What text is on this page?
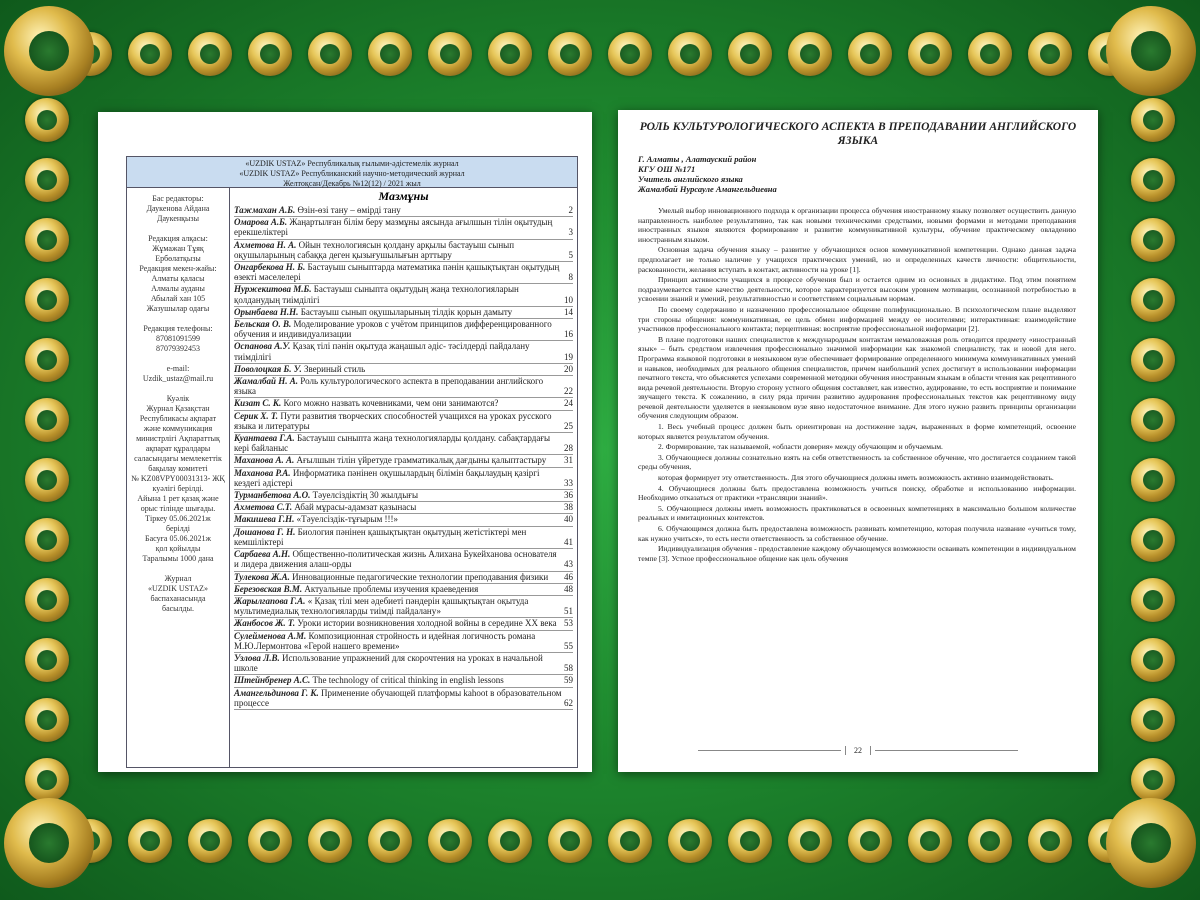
«UZDIK USTAZ» Республикалық ғылыми-әдістемелік журнал
«UZDIK USTAZ» Республиканский научно-методический журнал
Желтоқсан/Декабрь №12(12) / 2021 жыл
Бас редакторы:
Даукенова Айдана
Даукенқызы
Редакция алқасы:
Жұмажан Тұяқ
Ербөлатқызы
Редакция мекен-жайы:
Алматы қаласы
Алмалы ауданы
Абылай хан 105
Жазушылар одағы
Редакция телефоны:
87081091599
87079392453
e-mail:
Uzdik_ustaz@mail.ru
Куәлік
Журнал Қазақстан
Республикасы ақпарат
және коммуникация
министрлігі Ақпараттық
ақпарат құралдары
саласындағы мемлекеттік
бақылау комитеті
№ KZ08VPY00031313- ЖҚ
куәлігі берілді.
Айына 1 рет қазақ және
орыс тілінде шығады.
Тіркеу 05.06.2021ж
берілді
Басуға 05.06.2021ж
қол қойылды
Таралымы 1000 дана
Журнал
«UZDIK USTAZ»
баспаханасында
басылды.
Мазмұны
Тажмахан А.Б. Өзін-өзі тану – өмірді тану	2
Омарова А.Б. Жаңартылған білім беру мазмұны аясында ағылшын тілін оқытудың ерекшеліктері	3
Ахметова Н. А. Ойын технологиясын қолдану арқылы бастауыш сынып оқушыларының сабаққа деген қызығушылығын арттыру	5
Онгарбекова Н. Б. Бастауыш сыныптарда математика пәнін қашықтықтан оқытудың өзекті мәселелері	8
Нуржекитова М.Б. Бастауыш сыныпта оқытудың жаңа технологияларын қолданудың тиімділігі	10
Орынбаева Н.Н. Бастауыш сынып оқушыларының тілдік қорын дамыту	14
Бельская О. В. Моделирование уроков с учётом принципов дифференцированного обучения и индивидуализации	16
Оспанова А.У. Қазақ тілі пәнін оқытуда жаңашыл әдіс- тәсілдерді пайдалану тиімділігі	19
Поволоцкая Б. У. Звериный стиль	20
Жамалбай Н. А. Роль культурологического аспекта в преподавании английского языка	22
Кизат С. К. Кого можно назвать кочевниками, чем они занимаются?	24
Серик Х. Т. Пути развития творческих способностей учащихся на уроках русского языка и литературы	25
Куантаева Г.А. Бастауыш сыныпта жаңа технологияларды қолдану. сабақтардағы кері байланыс	28
Маханова А. А. Ағылшын тілін үйретуде грамматикалық дағдыны қалыптастыру	31
Маханова Р.А. Информатика пәнінен оқушылардың білімін бақылаудың қазіргі кездегі әдістері	33
Турманбетова А.О. Тәуелсіздіктің 30 жылдығы	36
Ахметова С.Т. Абай мұрасы-адамзат қазынасы	38
Макишева Г.Н. «Тәуелсіздік-тұғырым !!!»	40
Дошанова Г. Н. Биология пәнінен қашықтықтан оқытудың жетістіктері мен кемшіліктері	41
Сарбаева А.Н. Общественно-политическая жизнь Алихана Букейханова основателя и лидера движения алаш-орды	43
Тулекова Ж.А. Инновационные педагогические технологии преподавания физики	46
Березовская В.М. Актуальные проблемы изучения краеведения	48
Жарылгапова Г.А. « Қазақ тілі мен әдебиеті пәндерін қашықтықтан оқытуда мультимедиалық технологияларды тиімді пайдалану»	51
Жанбосов Ж. Т. Уроки истории возникновения холодной войны в середине XX века 53
Сулейменова А.М. Композиционная стройность и идейная логичность романа М.Ю.Лермонтова «Герой нашего времени»	55
Узлова Л.В. Использование упражнений для скорочтения на уроках в начальной школе	58
Штейнбренер А.С. The technology of critical thinking in english lessons	59
Амангельдинова Г. К. Применение обучающей платформы kahoot в образовательном процессе	62
РОЛЬ КУЛЬТУРОЛОГИЧЕСКОГО АСПЕКТА В ПРЕПОДАВАНИИ АНГЛИЙСКОГО ЯЗЫКА
Г. Алматы , Алатауский район
КГУ ОШ №171
Учитель английского языка
Жамалбай Нурсауле Амангельдиевна

Умелый выбор инновационного подхода к организации процесса обучения иностранному языку позволяет осуществить данную направленность наиболее результативно, так как новыми техническими средствами, новыми формами и методами преподавания иностранных языков являются формирование и развитие коммуникативной культуры, обучение практическому овладению иностранным языком.

Основная задача обучения языку – развитие у обучающихся основ коммуникативной компетенции. Однако данная задача предполагает не только наличие у учащихся практических умений, но и определенных качеств личности: общительности, раскованности, желания вступать в контакт, активности на уроке [1].

Принцип активности учащихся в процессе обучения был и остается одним из основных в дидактике. Под этим понятием подразумевается такое качество деятельности, которое характеризуется высоким уровнем мотивации, осознанной потребностью в усвоении знаний и умений, результативностью и соответствием социальным нормам.

По своему содержанию и назначению профессиональное общение полифункционально. В психологическом плане выделяют три стороны общения: коммуникативная, ее цель обмен информацией между ее носителями; интерактивная: взаимодействие участников профессионального контакта; перцептивная: восприятие профессиональной информации [2].

В плане подготовки наших специалистов к международным контактам немаловажная роль отводится предмету «иностранный язык» – быть средством извлечения профессионально значимой информации как знакомой специалисту, так и новой для него. Программа языковой подготовки в неязыковом вузе обеспечивает формирование определенного минимума коммуникативных умений и навыков, необходимых для реального общения специалистов, причем наибольший успех достигнут в использовании информации печатного текста, что объясняется успехами современной методики обучения иностранным языкам в области чтения как рецептивного вида речевой деятельности. Вторую сторону устного общения составляет, как известно, аудирование, то есть восприятие и понимание звучащего текста. К сожалению, в силу ряда причин развитию аудирования профессиональных текстов как рецептивному виду речевой деятельности уделяется в неязыковом вузе явно недостаточное внимание. Для этого нужно развить принципы организации обучения следующим образом.

1. Весь учебный процесс должен быть ориентирован на достижение задач, выраженных в форме компетенций, освоение которых является результатом обучения.

2. Формирование, так называемой, «области доверия» между обучающим и обучаемым.

3. Обучающиеся должны сознательно взять на себя ответственность за собственное обучение, что достигается созданием такой среды обучения,

которая формирует эту ответственность. Для этого обучающиеся должны иметь возможность активно взаимодействовать.

4. Обучающиеся должны быть предоставлена возможность учиться поиску, обработке и использованию информации. Необходимо отказаться от практики «трансляции знаний».

5. Обучающиеся должны иметь возможность практиковаться в освоенных компетенциях в максимально большом количестве реальных и имитационных контекстов.

6. Обучающимся должна быть предоставлена возможность развивать компетенцию, которая получила название «учиться тому, как нужно учиться», то есть нести ответственность за собственное обучение.

Индивидуализация обучения - предоставление каждому обучающемуся возможности осваивать компетенции в индивидуальном темпе [3]. Устное профессиональное общение как цель обучения

22
